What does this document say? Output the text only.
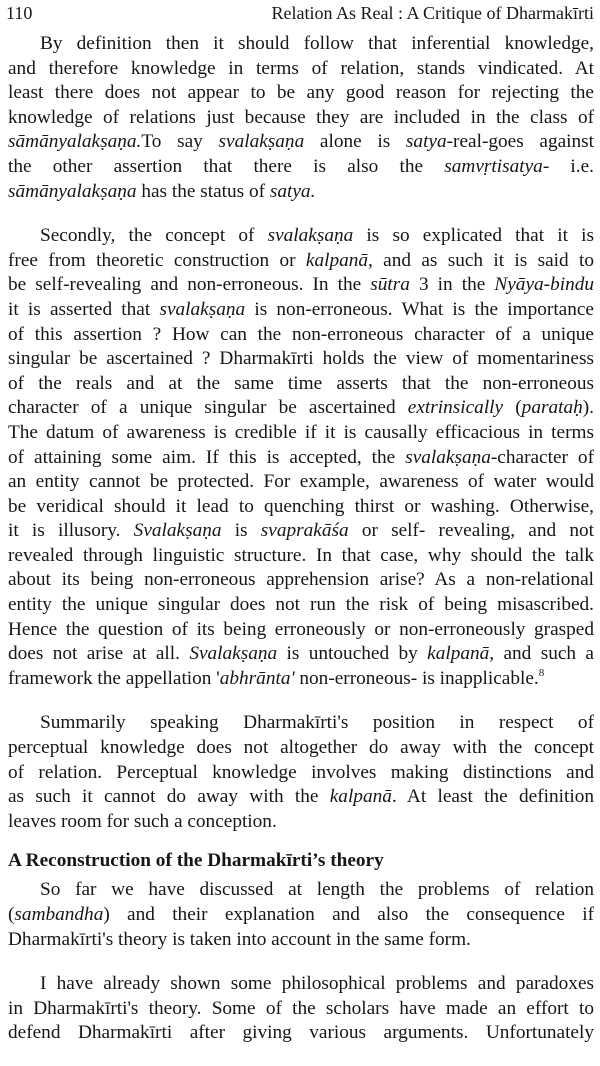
110	Relation As Real : A Critique of Dharmakīrti
By definition then it should follow that inferential knowledge,
and therefore knowledge in terms of relation, stands vindicated. At
least there does not appear to be any good reason for rejecting the
knowledge of relations just because they are included in the class of
sāmānyalakṣaṇa.To say svalakṣaṇa alone is satya-real-goes against
the other assertion that there is also the samvṛtisatya- i.e.
sāmānyalakṣaṇa has the status of satya.
Secondly, the concept of svalakṣaṇa is so explicated that it is
free from theoretic construction or kalpanā, and as such it is said to
be self-revealing and non-erroneous. In the sūtra 3 in the Nyāya-bindu
it is asserted that svalakṣaṇa is non-erroneous. What is the importance
of this assertion ? How can the non-erroneous character of a unique
singular be ascertained ? Dharmakīrti holds the view of momentariness
of the reals and at the same time asserts that the non-erroneous
character of a unique singular be ascertained extrinsically (parataḥ).
The datum of awareness is credible if it is causally efficacious in terms
of attaining some aim. If this is accepted, the svalakṣaṇa-character of
an entity cannot be protected. For example, awareness of water would
be veridical should it lead to quenching thirst or washing. Otherwise,
it is illusory. Svalakṣaṇa is svaprakāśa or self- revealing, and not
revealed through linguistic structure. In that case, why should the talk
about its being non-erroneous apprehension arise? As a non-relational
entity the unique singular does not run the risk of being misascribed.
Hence the question of its being erroneously or non-erroneously grasped
does not arise at all. Svalakṣaṇa is untouched by kalpanā, and such a
framework the appellation 'abhrānta' non-erroneous- is inapplicable.$^8$
Summarily speaking Dharmakīrti's position in respect of
perceptual knowledge does not altogether do away with the concept
of relation. Perceptual knowledge involves making distinctions and
as such it cannot do away with the kalpanā. At least the definition
leaves room for such a conception.
A Reconstruction of the Dharmakīrti’s theory
So far we have discussed at length the problems of relation
(sambandha) and their explanation and also the consequence if
Dharmakīrti's theory is taken into account in the same form.
I have already shown some philosophical problems and paradoxes
in Dharmakīrti's theory. Some of the scholars have made an effort to
defend Dharmakīrti after giving various arguments. Unfortunately
